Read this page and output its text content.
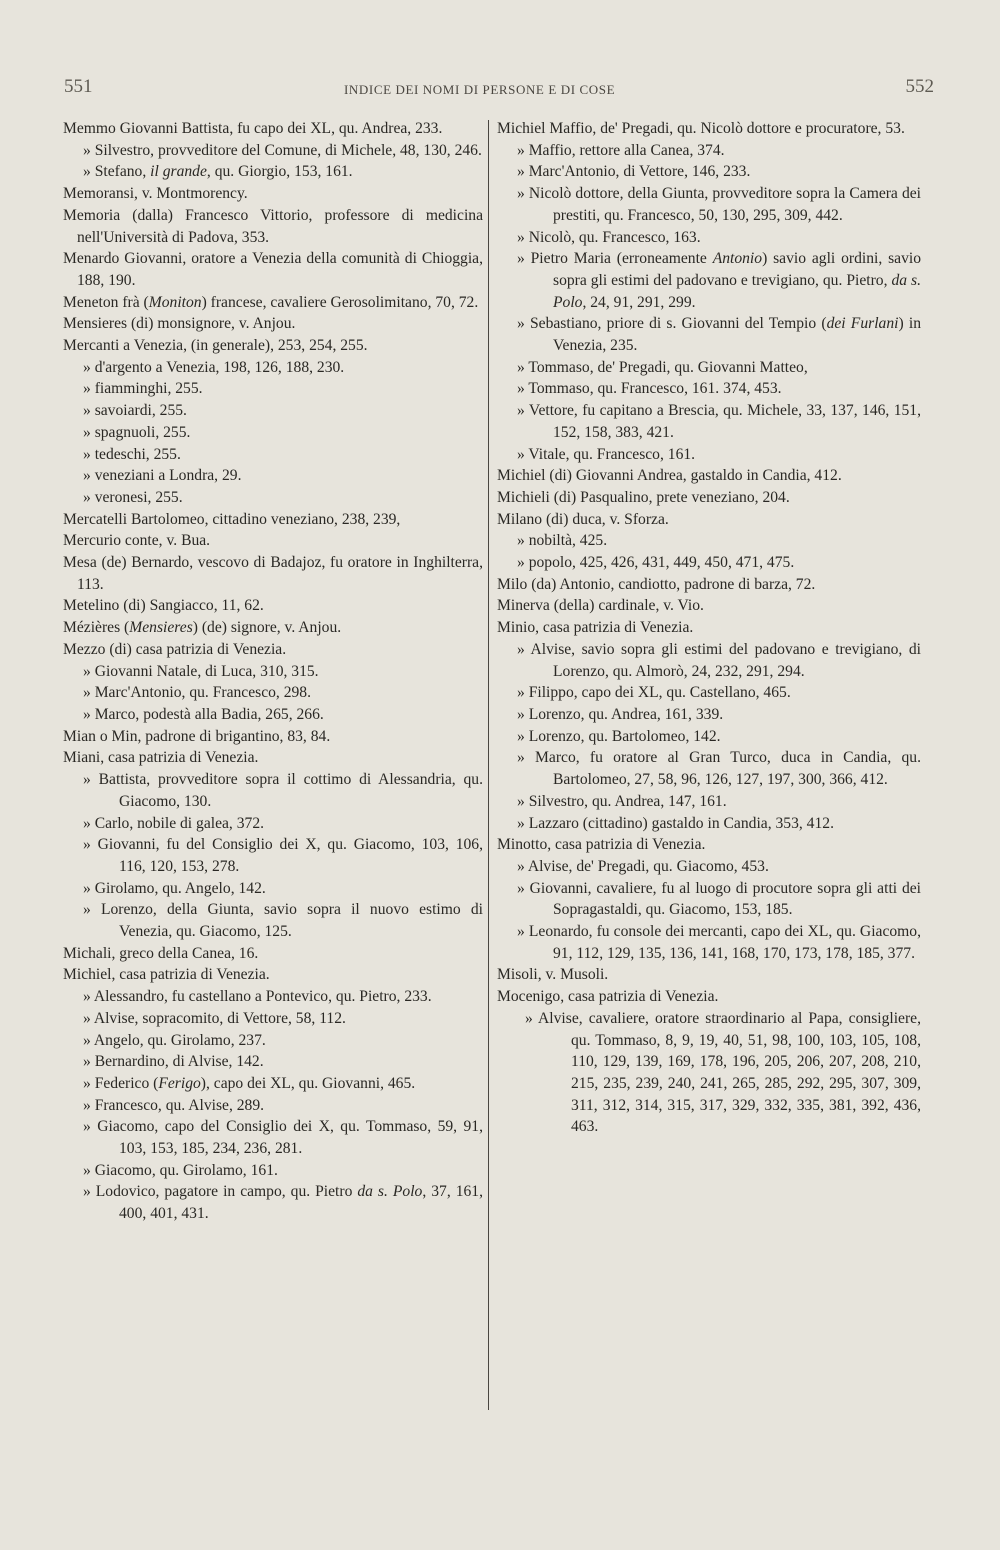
551	INDICE DEI NOMI DI PERSONE E DI COSE	552
Memmo Giovanni Battista, fu capo dei XL, qu. Andrea, 233.
» Silvestro, provveditore del Comune, di Michele, 48, 130, 246.
» Stefano, il grande, qu. Giorgio, 153, 161.
Memoransi, v. Montmorency.
Memoria (dalla) Francesco Vittorio, professore di medicina nell'Università di Padova, 353.
Menardo Giovanni, oratore a Venezia della comunità di Chioggia, 188, 190.
Meneton frà (Moniton) francese, cavaliere Gerosolimitano, 70, 72.
Mensieres (di) monsignore, v. Anjou.
Mercanti a Venezia, (in generale), 253, 254, 255.
» d'argento a Venezia, 198, 126, 188, 230.
» fiamminghi, 255.
» savoiardi, 255.
» spagnuoli, 255.
» tedeschi, 255.
» veneziani a Londra, 29.
» veronesi, 255.
Mercatelli Bartolomeo, cittadino veneziano, 238, 239,
Mercurio conte, v. Bua.
Mesa (de) Bernardo, vescovo di Badajoz, fu oratore in Inghilterra, 113.
Metelino (di) Sangiacco, 11, 62.
Mézières (Mensieres) (de) signore, v. Anjou.
Mezzo (di) casa patrizia di Venezia.
» Giovanni Natale, di Luca, 310, 315.
» Marc'Antonio, qu. Francesco, 298.
» Marco, podestà alla Badia, 265, 266.
Mian o Min, padrone di brigantino, 83, 84.
Miani, casa patrizia di Venezia.
» Battista, provveditore sopra il cottimo di Alessandria, qu. Giacomo, 130.
» Carlo, nobile di galea, 372.
» Giovanni, fu del Consiglio dei X, qu. Giacomo, 103, 106, 116, 120, 153, 278.
» Girolamo, qu. Angelo, 142.
» Lorenzo, della Giunta, savio sopra il nuovo estimo di Venezia, qu. Giacomo, 125.
Michali, greco della Canea, 16.
Michiel, casa patrizia di Venezia.
» Alessandro, fu castellano a Pontevico, qu. Pietro, 233.
» Alvise, sopracomito, di Vettore, 58, 112.
» Angelo, qu. Girolamo, 237.
» Bernardino, di Alvise, 142.
» Federico (Ferigo), capo dei XL, qu. Giovanni, 465.
» Francesco, qu. Alvise, 289.
» Giacomo, capo del Consiglio dei X, qu. Tommaso, 59, 91, 103, 153, 185, 234, 236, 281.
» Giacomo, qu. Girolamo, 161.
» Lodovico, pagatore in campo, qu. Pietro da s. Polo, 37, 161, 400, 401, 431.
Michiel Maffio, de' Pregadi, qu. Nicolò dottore e procuratore, 53.
» Maffio, rettore alla Canea, 374.
» Marc'Antonio, di Vettore, 146, 233.
» Nicolò dottore, della Giunta, provveditore sopra la Camera dei prestiti, qu. Francesco, 50, 130, 295, 309, 442.
» Nicolò, qu. Francesco, 163.
» Pietro Maria (erroneamente Antonio) savio agli ordini, savio sopra gli estimi del padovano e trevigiano, qu. Pietro, da s. Polo, 24, 91, 291, 299.
» Sebastiano, priore di s. Giovanni del Tempio (dei Furlani) in Venezia, 235.
» Tommaso, de' Pregadi, qu. Giovanni Matteo,
» Tommaso, qu. Francesco, 161. 374, 453.
» Vettore, fu capitano a Brescia, qu. Michele, 33, 137, 146, 151, 152, 158, 383, 421.
» Vitale, qu. Francesco, 161.
Michiel (di) Giovanni Andrea, gastaldo in Candia, 412.
Michieli (di) Pasqualino, prete veneziano, 204.
Milano (di) duca, v. Sforza.
» nobiltà, 425.
» popolo, 425, 426, 431, 449, 450, 471, 475.
Milo (da) Antonio, candiotto, padrone di barza, 72.
Minerva (della) cardinale, v. Vio.
Minio, casa patrizia di Venezia.
» Alvise, savio sopra gli estimi del padovano e trevigiano, di Lorenzo, qu. Almorò, 24, 232, 291, 294.
» Filippo, capo dei XL, qu. Castellano, 465.
» Lorenzo, qu. Andrea, 161, 339.
» Lorenzo, qu. Bartolomeo, 142.
» Marco, fu oratore al Gran Turco, duca in Candia, qu. Bartolomeo, 27, 58, 96, 126, 127, 197, 300, 366, 412.
» Silvestro, qu. Andrea, 147, 161.
» Lazzaro (cittadino) gastaldo in Candia, 353, 412.
Minotto, casa patrizia di Venezia.
» Alvise, de' Pregadi, qu. Giacomo, 453.
» Giovanni, cavaliere, fu al luogo di procutore sopra gli atti dei Sopragastaldi, qu. Giacomo, 153, 185.
» Leonardo, fu console dei mercanti, capo dei XL, qu. Giacomo, 91, 112, 129, 135, 136, 141, 168, 170, 173, 178, 185, 377.
Misoli, v. Musoli.
Mocenigo, casa patrizia di Venezia.
» Alvise, cavaliere, oratore straordinario al Papa, consigliere, qu. Tommaso, 8, 9, 19, 40, 51, 98, 100, 103, 105, 108, 110, 129, 139, 169, 178, 196, 205, 206, 207, 208, 210, 215, 235, 239, 240, 241, 265, 285, 292, 295, 307, 309, 311, 312, 314, 315, 317, 329, 332, 335, 381, 392, 436, 463.
